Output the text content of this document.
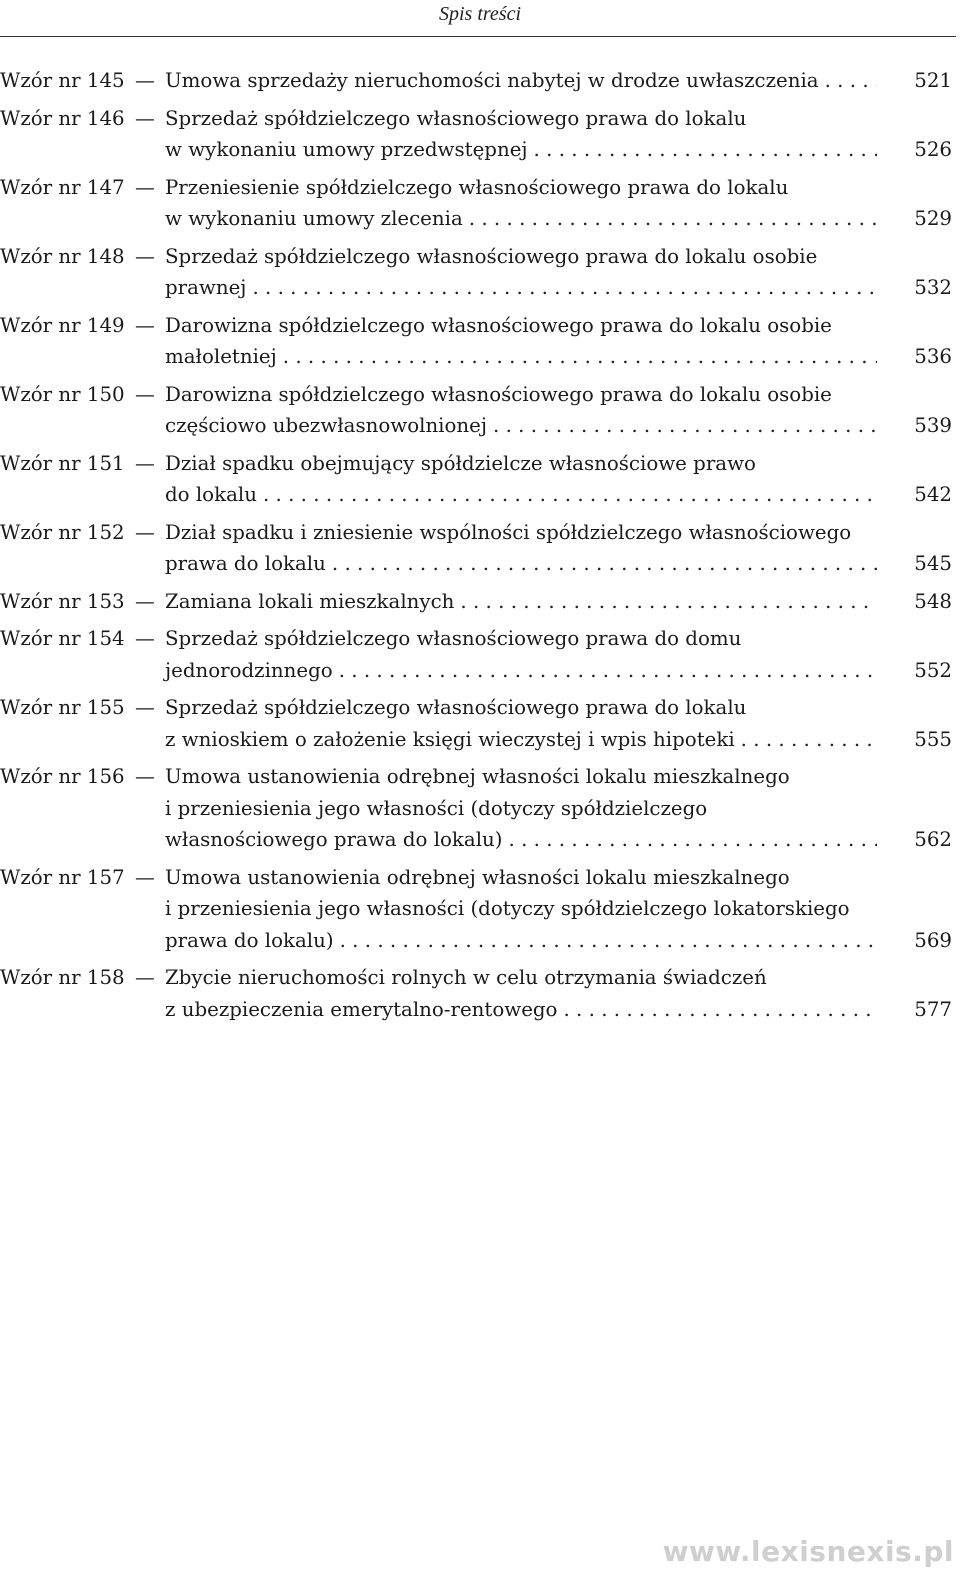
Spis treści
Wzór nr 145 — Umowa sprzedaży nieruchomości nabytej w drodze uwłaszczenia . . .	521
Wzór nr 146 — Sprzedaż spółdzielczego własnościowego prawa do lokalu
w wykonaniu umowy przedwstępnej . . .	526
Wzór nr 147 — Przeniesienie spółdzielczego własnościowego prawa do lokalu
w wykonaniu umowy zlecenia . . .	529
Wzór nr 148 — Sprzedaż spółdzielczego własnościowego prawa do lokalu osobie
prawnej . . .	532
Wzór nr 149 — Darowizna spółdzielczego własnościowego prawa do lokalu osobie
małoletniej . . .	536
Wzór nr 150 — Darowizna spółdzielczego własnościowego prawa do lokalu osobie
częściowo ubezwłasnowolnionej . . .	539
Wzór nr 151 — Dział spadku obejmujący spółdzielcze własnościowe prawo
do lokalu . . .	542
Wzór nr 152 — Dział spadku i zniesienie wspólności spółdzielczego własnościowego
prawa do lokalu . . .	545
Wzór nr 153 — Zamiana lokali mieszkalnych . . .	548
Wzór nr 154 — Sprzedaż spółdzielczego własnościowego prawa do domu
jednorodzinnego . . .	552
Wzór nr 155 — Sprzedaż spółdzielczego własnościowego prawa do lokalu
z wnioskiem o założenie księgi wieczystej i wpis hipoteki . . .	555
Wzór nr 156 — Umowa ustanowienia odrębnej własności lokalu mieszkalnego
i przeniesienia jego własności (dotyczy spółdzielczego
własnościowego prawa do lokalu) . . .	562
Wzór nr 157 — Umowa ustanowienia odrębnej własności lokalu mieszkalnego
i przeniesienia jego własności (dotyczy spółdzielczego lokatorskiego
prawa do lokalu) . . .	569
Wzór nr 158 — Zbycie nieruchomości rolnych w celu otrzymania świadczeń
z ubezpieczenia emerytalno-rentowego . . .	577
www.lexisnexis.pl
